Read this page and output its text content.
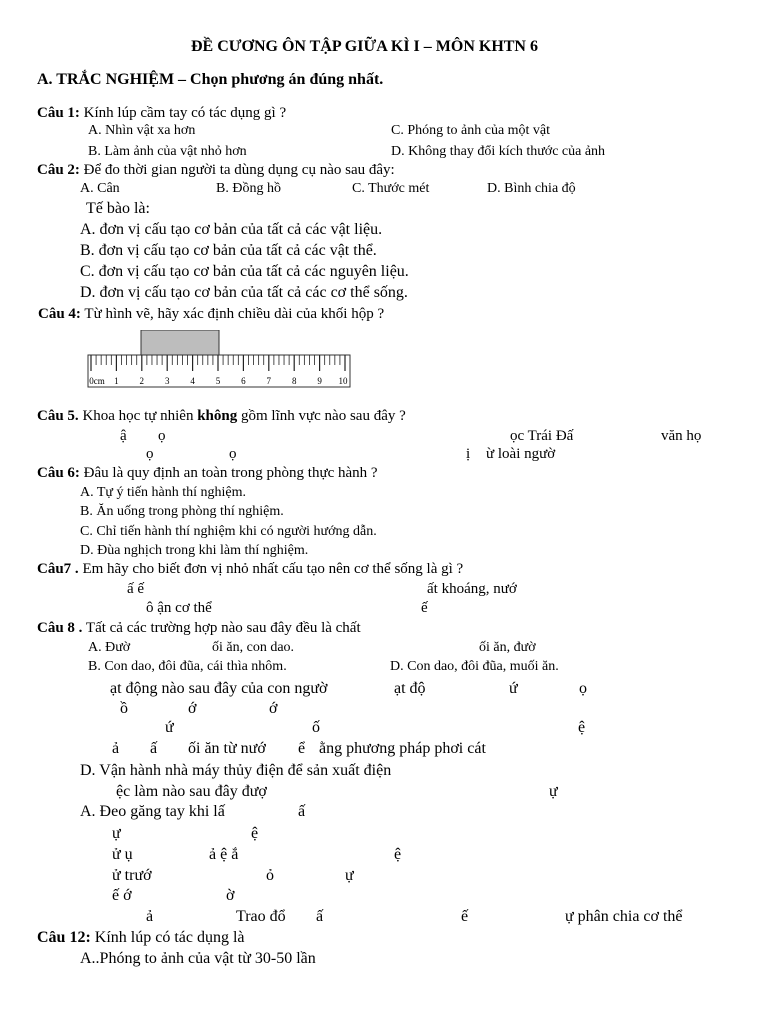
ĐỀ CƯƠNG ÔN TẬP GIỮA KÌ I – MÔN KHTN 6
A. TRẮC NGHIỆM – Chọn phương án đúng nhất.
Câu 1: Kính lúp cầm tay có tác dụng gì ?
A. Nhìn vật xa hơn	C. Phóng to ảnh của một vật
B. Làm ảnh của vật nhỏ hơn	D. Không thay đổi kích thước của ảnh
Câu 2: Để đo thời gian người ta dùng dụng cụ nào sau đây:
A. Cân	B. Đồng hồ	C. Thước mét	D. Bình chia độ
Tế bào là:
A. đơn vị cấu tạo cơ bản của tất cả các vật liệu.
B. đơn vị cấu tạo cơ bản của tất cả các vật thể.
C. đơn vị cấu tạo cơ bản của tất cả các nguyên liệu.
D. đơn vị cấu tạo cơ bản của tất cả các cơ thể sống.
Câu 4: Từ hình vẽ, hãy xác định chiều dài của khối hộp ?
0cm 1 2 3 4 5 6 7 8 9 10
Câu 5. Khoa học tự nhiên không gồm lĩnh vực nào sau đây ?
ậ ọ	ọc Trái Đấ	văn họ
ọ	ọ	ị ừ loài ngườ
Câu 6: Đâu là quy định an toàn trong phòng thực hành ?
A. Tự ý tiến hành thí nghiệm.
B. Ăn uống trong phòng thí nghiệm.
C. Chỉ tiến hành thí nghiệm khi có người hướng dẫn.
D. Đùa nghịch trong khi làm thí nghiệm.
Câu7 . Em hãy cho biết đơn vị nhỏ nhất cấu tạo nên cơ thể sống là gì ?
ấ ế	ất khoáng, nướ
ô ận cơ thể	ế
Câu 8 . Tất cả các trường hợp nào sau đây đều là chất
A. Đườ	ối ăn, con dao.	ối ăn, đườ
B. Con dao, đôi đũa, cái thìa nhôm.	D. Con dao, đôi đũa, muối ăn.
ạt động nào sau đây của con ngườ	ạt độ	ứ	ọ
ồ	ớ	ớ
ứ	ố	ệ
ả ấ ối ăn từ nướ ể ằng phương pháp phơi cát
D. Vận hành nhà máy thủy điện để sản xuất điện
ệc làm nào sau đây đượ	ự
A. Đeo găng tay khi lấ	ấ
ự	ệ
ử ụ	ả ệ ắ	ệ
ử trướ	ỏ	ự
ế ớ	ờ
ả	Trao đổ ấ	ế	ự phân chia cơ thể
Câu 12: Kính lúp có tác dụng là
A..Phóng to ảnh của vật từ 30-50 lần
